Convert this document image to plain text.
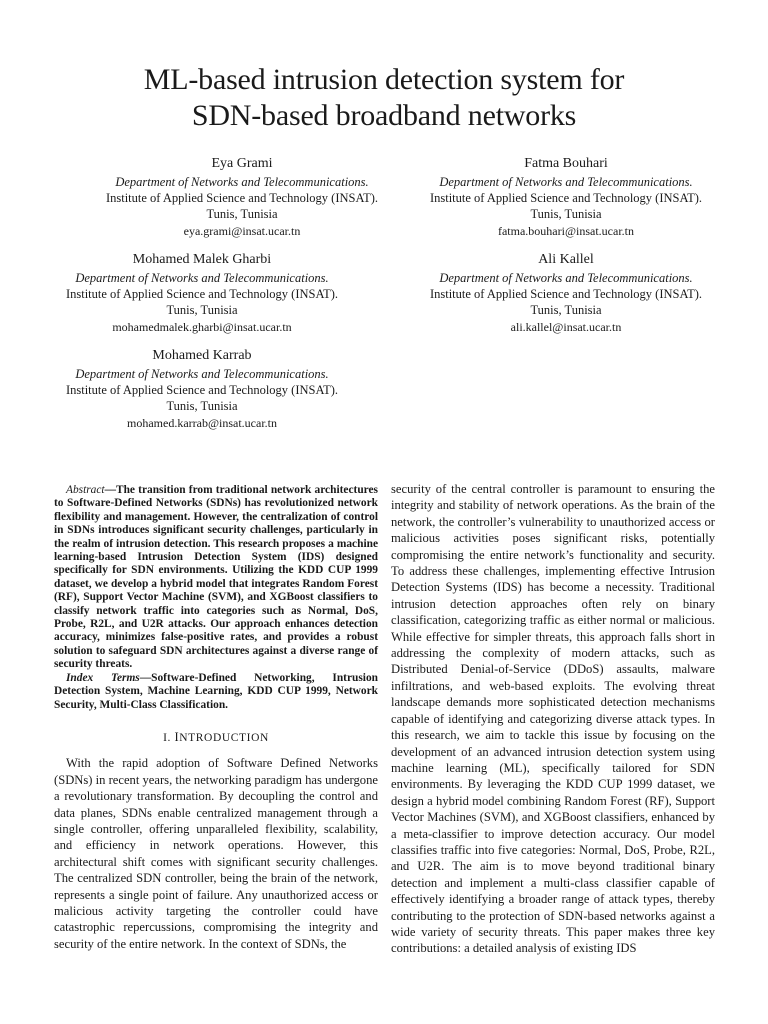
ML-based intrusion detection system for
SDN-based broadband networks
Eya Grami
Department of Networks and Telecommunications.
Institute of Applied Science and Technology (INSAT).
Tunis, Tunisia
eya.grami@insat.ucar.tn
Fatma Bouhari
Department of Networks and Telecommunications.
Institute of Applied Science and Technology (INSAT).
Tunis, Tunisia
fatma.bouhari@insat.ucar.tn
Mohamed Malek Gharbi
Department of Networks and Telecommunications.
Institute of Applied Science and Technology (INSAT).
Tunis, Tunisia
mohamedmalek.gharbi@insat.ucar.tn
Ali Kallel
Department of Networks and Telecommunications.
Institute of Applied Science and Technology (INSAT).
Tunis, Tunisia
ali.kallel@insat.ucar.tn
Mohamed Karrab
Department of Networks and Telecommunications.
Institute of Applied Science and Technology (INSAT).
Tunis, Tunisia
mohamed.karrab@insat.ucar.tn

Abstract—The transition from traditional network architectures to Software-Defined Networks (SDNs) has revolutionized network flexibility and management. However, the centralization of control in SDNs introduces significant security challenges, particularly in the realm of intrusion detection. This research proposes a machine learning-based Intrusion Detection System (IDS) designed specifically for SDN environments. Utilizing the KDD CUP 1999 dataset, we develop a hybrid model that integrates Random Forest (RF), Support Vector Machine (SVM), and XGBoost classifiers to classify network traffic into categories such as Normal, DoS, Probe, R2L, and U2R attacks. Our approach enhances detection accuracy, minimizes false-positive rates, and provides a robust solution to safeguard SDN architectures against a diverse range of security threats.

Index Terms—Software-Defined Networking, Intrusion Detection System, Machine Learning, KDD CUP 1999, Network Security, Multi-Class Classification.

I. INTRODUCTION

With the rapid adoption of Software Defined Networks (SDNs) in recent years, the networking paradigm has undergone a revolutionary transformation. By decoupling the control and data planes, SDNs enable centralized management through a single controller, offering unparalleled flexibility, scalability, and efficiency in network operations. However, this architectural shift comes with significant security challenges. The centralized SDN controller, being the brain of the network, represents a single point of failure. Any unauthorized access or malicious activity targeting the controller could have catastrophic repercussions, compromising the integrity and security of the entire network. In the context of SDNs, the

security of the central controller is paramount to ensuring the integrity and stability of network operations. As the brain of the network, the controller’s vulnerability to unauthorized access or malicious activities poses significant risks, potentially compromising the entire network’s functionality and security. To address these challenges, implementing effective Intrusion Detection Systems (IDS) has become a necessity. Traditional intrusion detection approaches often rely on binary classification, categorizing traffic as either normal or malicious. While effective for simpler threats, this approach falls short in addressing the complexity of modern attacks, such as Distributed Denial-of-Service (DDoS) assaults, malware infiltrations, and web-based exploits. The evolving threat landscape demands more sophisticated detection mechanisms capable of identifying and categorizing diverse attack types. In this research, we aim to tackle this issue by focusing on the development of an advanced intrusion detection system using machine learning (ML), specifically tailored for SDN environments. By leveraging the KDD CUP 1999 dataset, we design a hybrid model combining Random Forest (RF), Support Vector Machines (SVM), and XGBoost classifiers, enhanced by a meta-classifier to improve detection accuracy. Our model classifies traffic into five categories: Normal, DoS, Probe, R2L, and U2R. The aim is to move beyond traditional binary detection and implement a multi-class classifier capable of effectively identifying a broader range of attack types, thereby contributing to the protection of SDN-based networks against a wide variety of security threats. This paper makes three key contributions: a detailed analysis of existing IDS
